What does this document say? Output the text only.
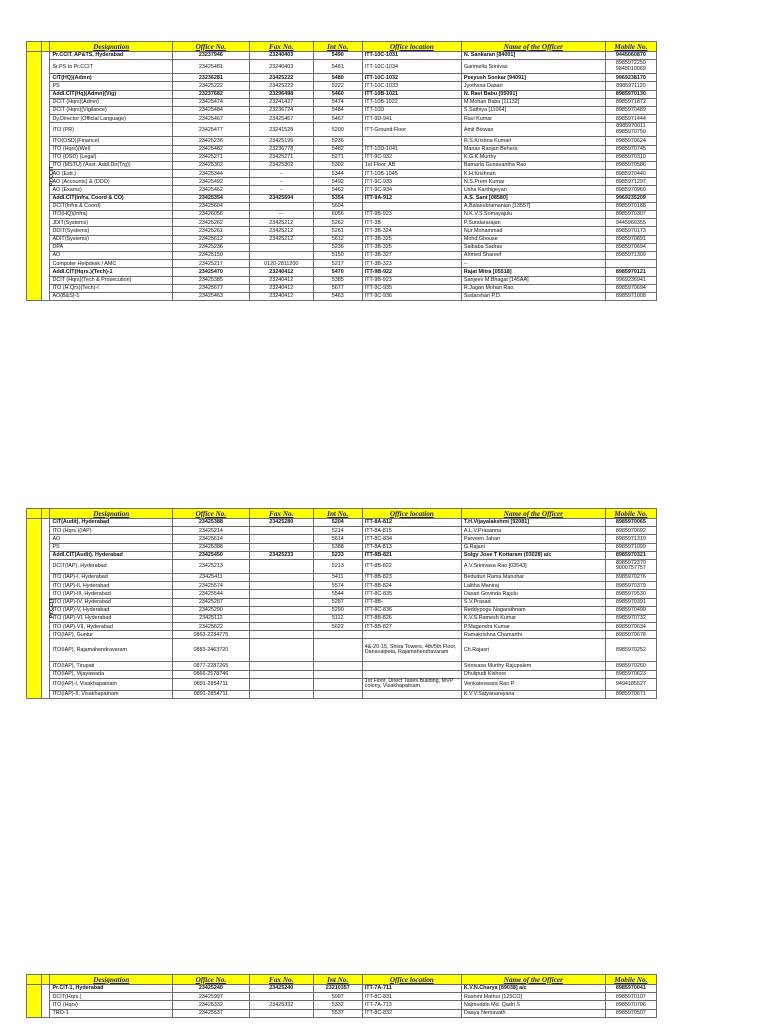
		Designation	Office No.	Fax No.	Int No.	Office location	Name of the Officer	Mobile No.
	Pr.CCIT	Pr.CCIT, AP&TS, Hyderabad	23237946	23240403	5490	ITT-10C-1031	N. Sankaran [84001]	9445060870
		Sr.PS to Pr.CCIT	23425481	23240403	5481	ITT-10C-1034	Garimella Srinivas	8985972250
9848010069
		CIT(HQ)(Admn)	23236281	23425222	5480	ITT-10C-1032	Peeyush Sonkar [94091]	9969238170
		PS	23425222	23425222	5222	ITT-10C-1033	Jyothsna Dasari	8985971120
		Addl.CIT(Hq)(Admn)(Vig)	23237682	23296498	5460	ITT-10B-1021	N. Ravi Babu [05091]	8985970130
		DCIT (Hqrs)(Admn)	23425474	23241427	5474	ITT-10B-1022	M.Mohan Babu [11132]	8985971872
		DCIT (Hqrs)(Vigilance)	23425484	23236724	5484	ITT-10D	S.Sathiya [11064]	8985970489
		Dy.Director (Official Language)	23425467	23425467	5467	ITT-9D-941	Ravi Kumar	8985971444
		ITO (PR)	23425477	23241528	5200	ITT-Ground Floor	Amit Biswas	8985970011
8985970750
		ITO(OSD)(Finance)	23425236	23425199	5236		R.S.Krishna Kumari	8985970624
		ITO (Hqrs)(Wel)	23425482	23236778	5482	ITT-10D-1041	Manas Ranjan Behera	8985970745
		ITO (OSD) (Legal)	23425271	23425271	5271	ITT-9C-932	K.G.K.Murthy	8985970310
		ITO (MSTU) (Asst. Addl.Dir(Trg))	23425302	23425302	5302	1st Floor, AB	Bamarla Gunavantha Rao	8985970586
		AO (Estt.)	23425344	--	5344	ITT-10B-1045	K.H.Krishnan	8985970440
		AO (Accounts) & (DDO)	23425492	--	5492	ITT-9C-933	N.S.Prem Kumar	8985971297
		AO (Exams)	23425462	--	5462	ITT-9C-934	Usha Karthigeyan	8985970960
		Addl.CIT(Infra, Coord & CO)	23425354	23425604	5354	ITT-9A-912	A.S. Sant [08580]	9969235209
		DCIT(Infra & Coord)	23425604		5604		A.Balasubramanian [13557]	8985970188
		ITO(HQ)(Infra)	23426056	---	6056	ITT-9B-923	N.K.V.S.Somayajulu	8985970307
		JDIT(Systems)	23425262	23425212	5262	ITT-3B	P.Sundararajan	9445960355
		DDIT(Systems)	23425261	23425212	5261	ITT-3B-324	Nur Mohammad	8985970173
		ADIT(Systems)	23425612	23425212	5612	ITT-3B-325	Mohd.Ghouse	8985970891
		DPA	23425236		5236	ITT-3B-325	Saibaba Sadras	8985970694
		AO	23425150		5150	ITT-3B-327	Ahmed Shareef	8985971309
		Computer Helpdesk / AMC	23425217	0120-2811200	5217	ITT-3B-323	--	
		Addl.CIT(Hqrs.)(Tech)-1	23425470	23240412	5470	ITT-9B-922	Rajat Mitra [05518]	8985970121
		DCIT (Hqrs)(Tech & Prosecution)	23425385	23240412	5385	ITT-9B-923	Sanjeev M.Bhagat [145AA]	9969236941
		ITO (H.Qrs)(Tech)-I	23425677	23240412	5677	ITT-9C-935	R.Jagan Mohan Rao	8985970694
		AO(B&S)-1	23425463	23240412	5463	ITT-9C-936	Sudarshan P.D.	8985971008
		Designation	Office No.	Fax No.	Int No.	Office location	Name of the Officer	Mobile No.
	Pr.CCIT	CIT(Audit), Hyderabad	23425388	23425280	5204	ITT-8A-812	T.H.Vijayalakshmi [92081]	8985970065
		ITO (Hqrs.)(IAP)	23425214		5214	ITT-8A-815	A.L.V.Prasanna	8985970692
		AO	23425614		5614	ITT-8C-834	Parveen Jahan	8985971319
		PS	23425388		5388	ITT-8A-813	G.Rajani	8985971099
		Addl.CIT(Audit), Hyderabad	23425450	23425233	5233	ITT-8B-821	Solgy Jose T Kottaram (03028) a/c	8985970321
		DCIT(IAP), Hyderabad	23425213		5213	ITT-8B-822	A.V.Srinivasa Rao [03543]	8985972370
9000757757
		ITO (IAP)-I, Hyderabad	23425411		5411	ITT-8B-823	Beduduri Rama Manohar	8985970276
		ITO (IAP)-II, Hyderabad	23425574		5574	ITT-8B-824	Lalitha Maniraj	8985970379
		ITO (IAP)-III, Hyderabad	23425544		5544	ITT-8C-835	Dasari Govinda Rajulu	8985970530
		ITO (IAP)-IV, Hyderabad	23425287		5287	ITT-8B-	S.V.Prasad	8985970391
		ITO (IAP)-V, Hyderabad	23425290		5290	ITT-8C-836	Reddypogu Nagarathnam	8985970499
		ITO (IAP)-VI, Hyderabad	23425112		5112	ITT-8B-826	K.V.S.Ramesh Kumar	8985970732
		ITO (IAP)-VII, Hyderabad	23425622		5622	ITT-8B-827	P.Magendra Kumar	8985970634
		ITO(IAP), Guntur	0863-2234775				Ramakrishna Chamarthi	8985970678
		ITO(IAP), Rajamahendravaram	0883-2463720			4&-20-15, Shiva Towers, 4th/5th Floor, Danavaipeta, Rajamahendravaram	Ch.Rajasri	8985970252
		ITO(IAP), Tirupati	0877-2287265				Srinivasa Murthy Rajupalem	8985970260
		ITO(IAP), Vijayawada	0866-2578746				Dhulipudi Kishore	8985970623
		ITO(IAP)-I, Visakhapatnam	0891-2854711			1st Floor, Direct Taxes Building, MVP colony, Visakhapatnam.	Venkateswara Rao P	9494185527
		ITO(IAP)-II, Visakhapatnam	0891-2854711				K.V.V.Satyanarayana	8985970671
		Designation	Office No.	Fax No.	Int No.	Office location	Name of the Officer	Mobile No.
		Pr.CIT-1, Hyderabad	23425240	23425240	23210357	ITT-7A-711	K.V.N.Charya [89038] a/c	8985970041
		DCIT(Hqrs.)	23425997		5997	ITT-8C-831	Rashmi Mathur [125CO]	8985970107
		ITO (Hqrs)	23425332	23425332	5332	ITT-7A-713	Najmuddin Md. Qadri S	8985970706
		TRO-1	23425537		5537	ITT-8C-832	Daaya Nemavath	8985970507
